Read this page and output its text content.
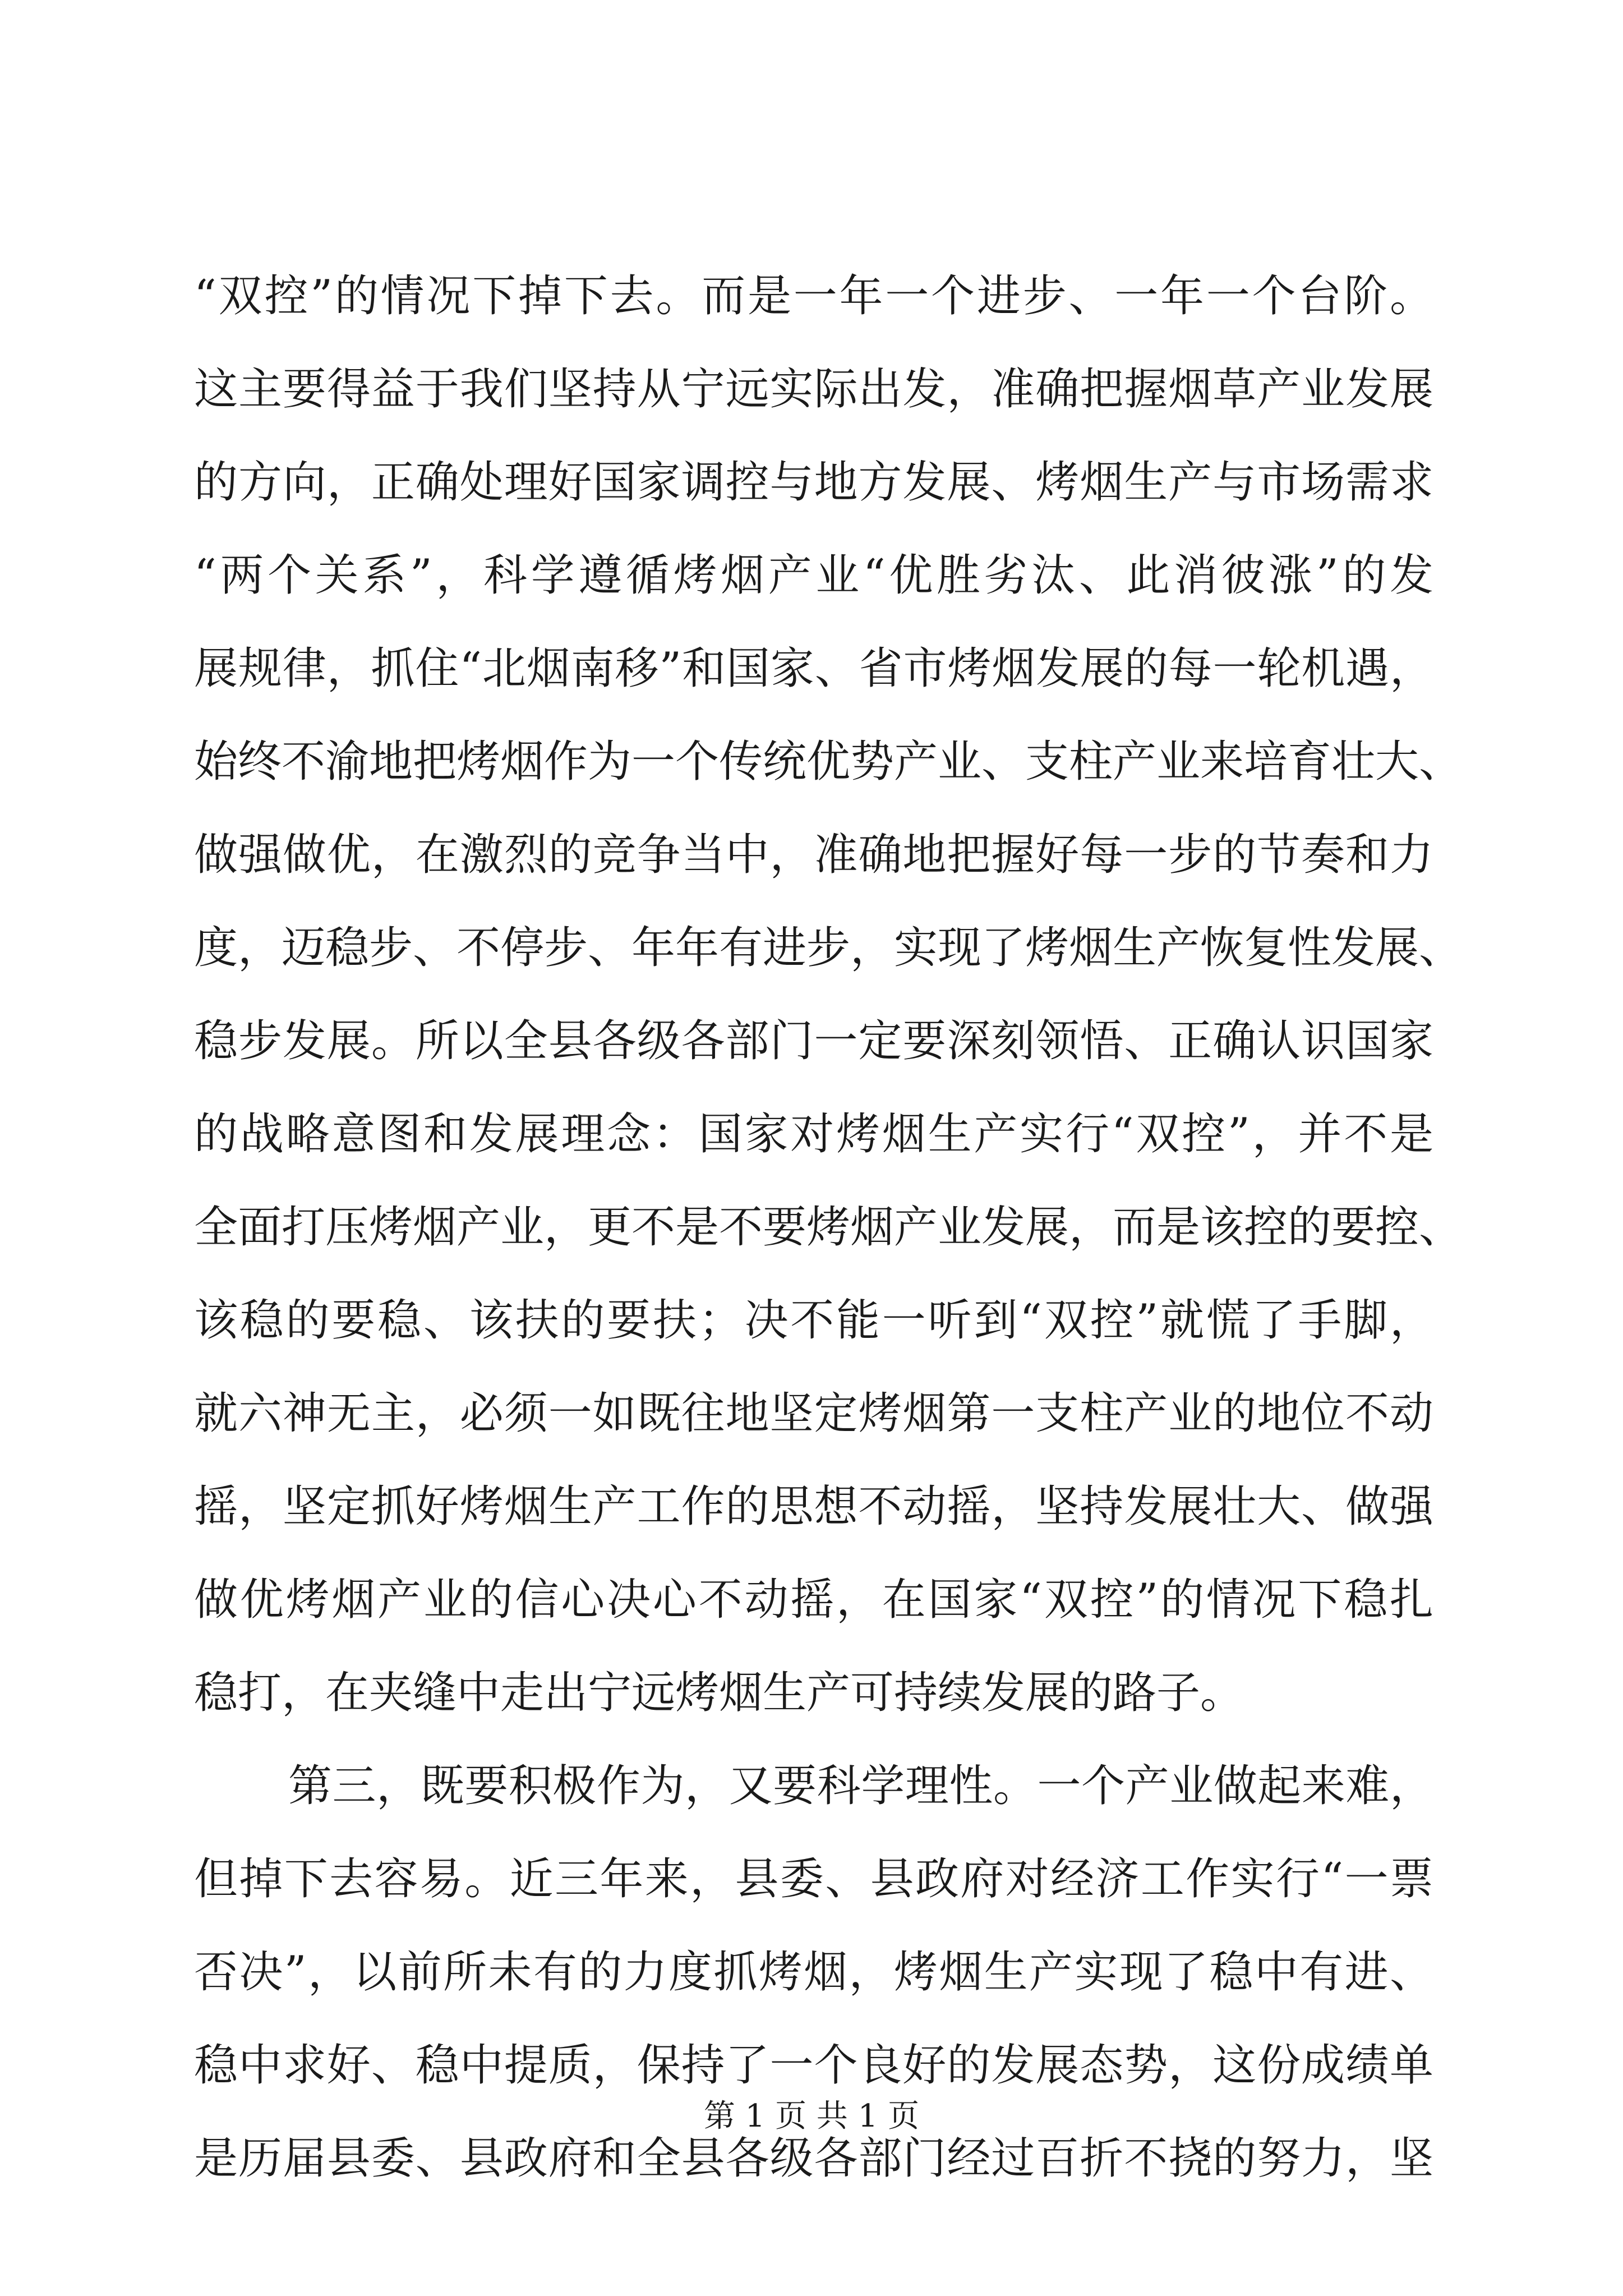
“双控”的情况下掉下去。而是一年一个进步、一年一个台阶。
这主要得益于我们坚持从宁远实际出发，准确把握烟草产业发展
的方向，正确处理好国家调控与地方发展、烤烟生产与市场需求
“两个关系”，科学遵循烤烟产业“优胜劣汰、此消彼涨”的发
展规律，抓住“北烟南移”和国家、省市烤烟发展的每一轮机遇，
始终不渝地把烤烟作为一个传统优势产业、支柱产业来培育壮大、
做强做优，在激烈的竞争当中，准确地把握好每一步的节奏和力
度，迈稳步、不停步、年年有进步，实现了烤烟生产恢复性发展、
稳步发展。所以全县各级各部门一定要深刻领悟、正确认识国家
的战略意图和发展理念：国家对烤烟生产实行“双控”，并不是
全面打压烤烟产业，更不是不要烤烟产业发展，而是该控的要控、
该稳的要稳、该扶的要扶；决不能一听到“双控”就慌了手脚，
就六神无主，必须一如既往地坚定烤烟第一支柱产业的地位不动
摇，坚定抓好烤烟生产工作的思想不动摇，坚持发展壮大、做强
做优烤烟产业的信心决心不动摇，在国家“双控”的情况下稳扎
稳打，在夹缝中走出宁远烤烟生产可持续发展的路子。
第三，既要积极作为，又要科学理性。一个产业做起来难，
但掉下去容易。近三年来，县委、县政府对经济工作实行“一票
否决”，以前所未有的力度抓烤烟，烤烟生产实现了稳中有进、
稳中求好、稳中提质，保持了一个良好的发展态势，这份成绩单
是历届县委、县政府和全县各级各部门经过百折不挠的努力，坚
第 1 页 共 1 页
